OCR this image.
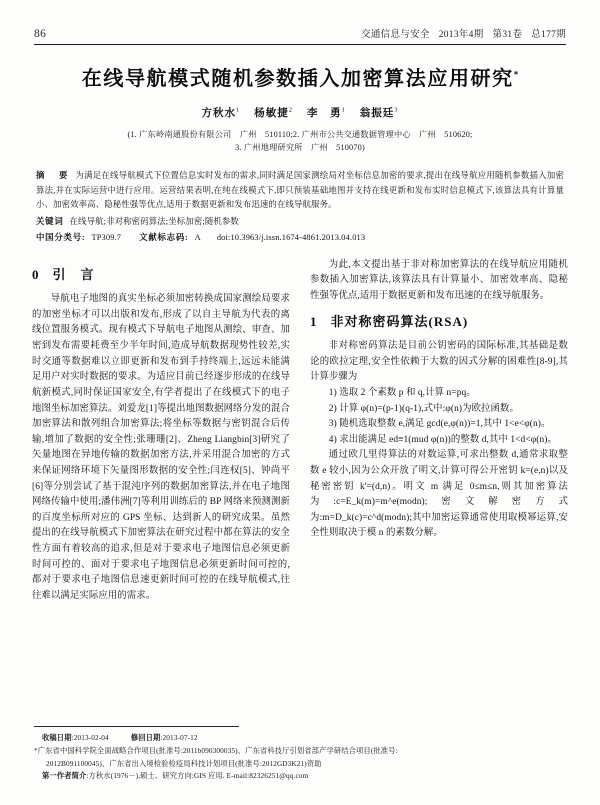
86	交通信息与安全 2013年4期 第31卷 总177期
在线导航模式随机参数插入加密算法应用研究*
方秋水$^1$ 杨敏捷$^2$ 李　勇$^1$ 翁振廷$^3$
(1. 广东岭南通股份有限公司　广州　510110;2. 广州市公共交通数据管理中心　广州　510620;
3. 广州地理研究所　广州　510070)
摘　要 为满足在线导航模式下位置信息实时发布的需求,同时满足国家测绘局对坐标信息加密的要求,提出在线导航应用随机参数插入加密算法,并在实际运营中进行应用。运营结果表明,在纯在线模式下,即只预装基础地图并支持在线更新和发布实时信息模式下,该算法具有计算量小、加密效率高、隐秘性强等优点,适用于数据更新和发布迅速的在线导航服务。
关键词 在线导航;非对称密码算法;坐标加密;随机参数
中国分类号: TP309.7 文献标志码: A doi:10.3963/j.issn.1674-4861.2013.04.013
0 引　言

导航电子地图的真实坐标必须加密转换成国家测绘局要求的加密坐标才可以出版和发布,形成了以自主导航为代表的离线位置服务模式。现有模式下导航电子地图从测绘、审查、加密到发布需要耗费至少半年时间,造成导航数据现势性较差,实时交通等数据难以立即更新和发布到手持终端上,远远未能满足用户对实时数据的要求。为适应目前已经逐步形成的在线导航新模式,同时保证国家安全,有学者提出了在线模式下的电子地图坐标加密算法。刘爱龙[1]等提出地图数据网络分发的混合加密算法和散列组合加密算法;将坐标等数据与密钥混合后传输,增加了数据的安全性;张珊珊[2]、Zheng Liangbin[3]研究了矢量地图在异地传输的数据加密方法,并采用混合加密的方式来保证网络环境下矢量图形数据的安全性;闫连权[5]、钟尚平[6]等分别尝试了基于混沌序列的数据加密算法,并在电子地图网络传输中使用;潘伟洲[7]等利用训练后的 BP 网络来预测测新的百度坐标所对应的 GPS 坐标、达到新人的研究成果。虽然提出的在线导航模式下加密算法在研究过程中都在算法的安全性方面有着较高的追求,但是对于要求电子地图信息必须更新时间可控的、面对于要求电子地图信息必须更新时间可控的,都对于要求电子地图信息速更新时间可控的在线导航模式,往往难以满足实际应用的需求。

为此,本文提出基于非对称加密算法的在线导航应用随机参数插入加密算法,该算法具有计算量小、加密效率高、隐秘性强等优点,适用于数据更新和发布迅速的在线导航服务。

1 非对称密码算法(RSA)

非对称密码算法是目前公钥密码的国际标准,其基础是数论的欧拉定理,安全性依赖于大数的因式分解的困难性[8-9],其计算步骤为

1) 选取 2 个素数 p 和 q,计算 n=pq。

2) 计算 φ(n)=(p-1)(q-1),式中:φ(n)为欧拉函数。

3) 随机选取整数 e,满足 gcd(e,φ(n))=1,其中 1<e<φ(n)。

4) 求出能满足 ed≡1(mud φ(n))的整数 d,其中 1<d<φ(n)。

通过欧几里得算法的对数运算,可求出整数 d,通常求取整数 e 较小,因为公众开放了明文,计算可得公开密钥 k=(e,n)以及秘密密钥 k'=(d,n)。明文 m 满足 0≤m≤n,则其加密算法为:c=E_k(m)=m^e(modn);密文解密方式为:m=D_k(c)=c^d(modn);其中加密运算通常使用取模幂运算,安全性则取决于模 n 的素数分解。

收稿日期:2013-02-04	修回日期:2013-07-12
*广东省中国科学院全面战略合作项目(批准号:2011b090300035)、广东省科技厅引划省部产学研结合项目(批准号:
2012B091100045)、广东省出入境检验检疫局科技计划项目(批准号:2012GD3K21)资助
第一作者简介:方秋水(1976－),硕士、研究方向:GIS 应用. E-mail:82326251@qq.com
